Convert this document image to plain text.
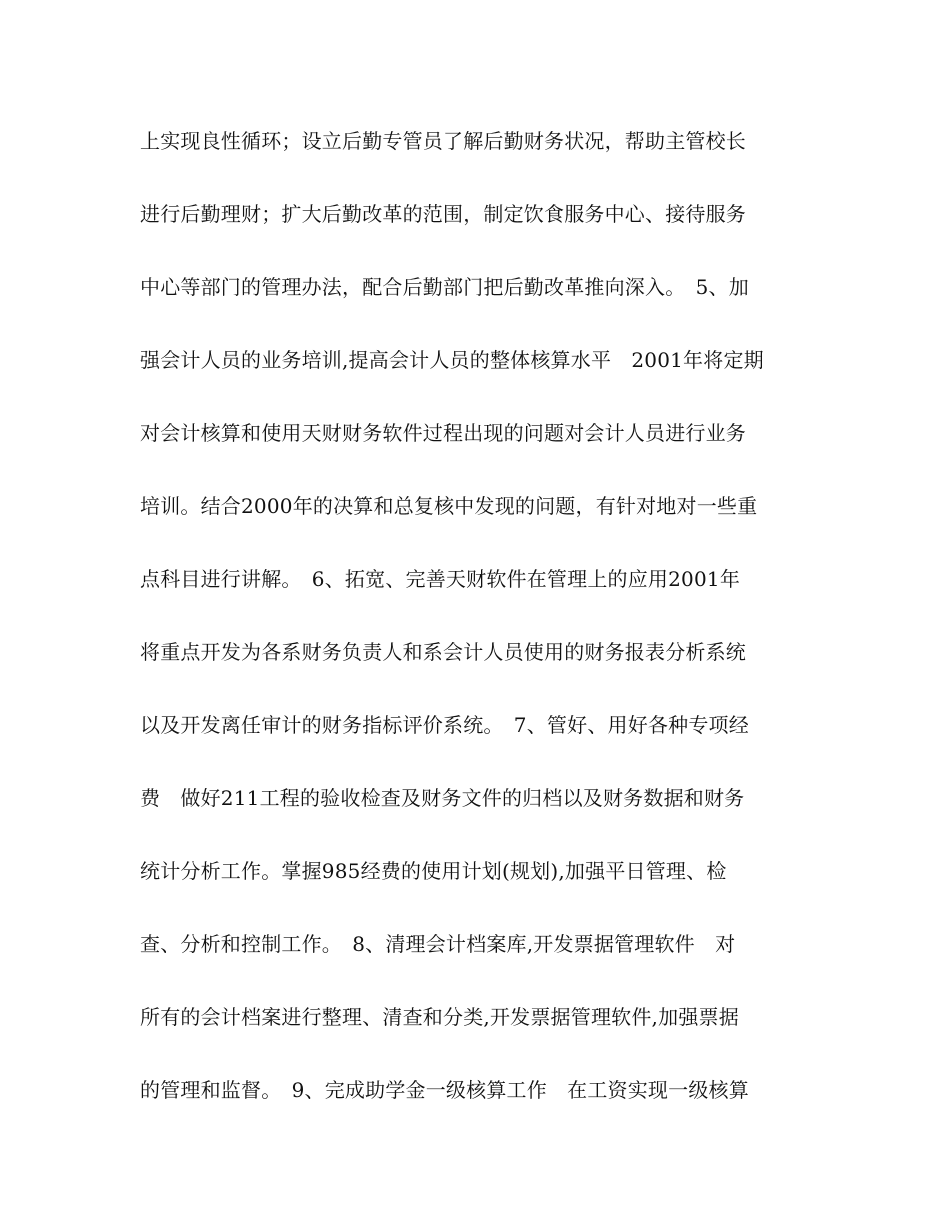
上实现良性循环；设立后勤专管员了解后勤财务状况，帮助主管校长
进行后勤理财；扩大后勤改革的范围，制定饮食服务中心、接待服务
中心等部门的管理办法，配合后勤部门把后勤改革推向深入。　5、加
强会计人员的业务培训,提高会计人员的整体核算水平　2001年将定期
对会计核算和使用天财财务软件过程出现的问题对会计人员进行业务
培训。结合2000年的决算和总复核中发现的问题，有针对地对一些重
点科目进行讲解。　6、拓宽、完善天财软件在管理上的应用2001年
将重点开发为各系财务负责人和系会计人员使用的财务报表分析系统
以及开发离任审计的财务指标评价系统。　7、管好、用好各种专项经
费　做好211工程的验收检查及财务文件的归档以及财务数据和财务
统计分析工作。掌握985经费的使用计划(规划),加强平日管理、检
查、分析和控制工作。　8、清理会计档案库,开发票据管理软件　对
所有的会计档案进行整理、清查和分类,开发票据管理软件,加强票据
的管理和监督。　9、完成助学金一级核算工作　在工资实现一级核算
